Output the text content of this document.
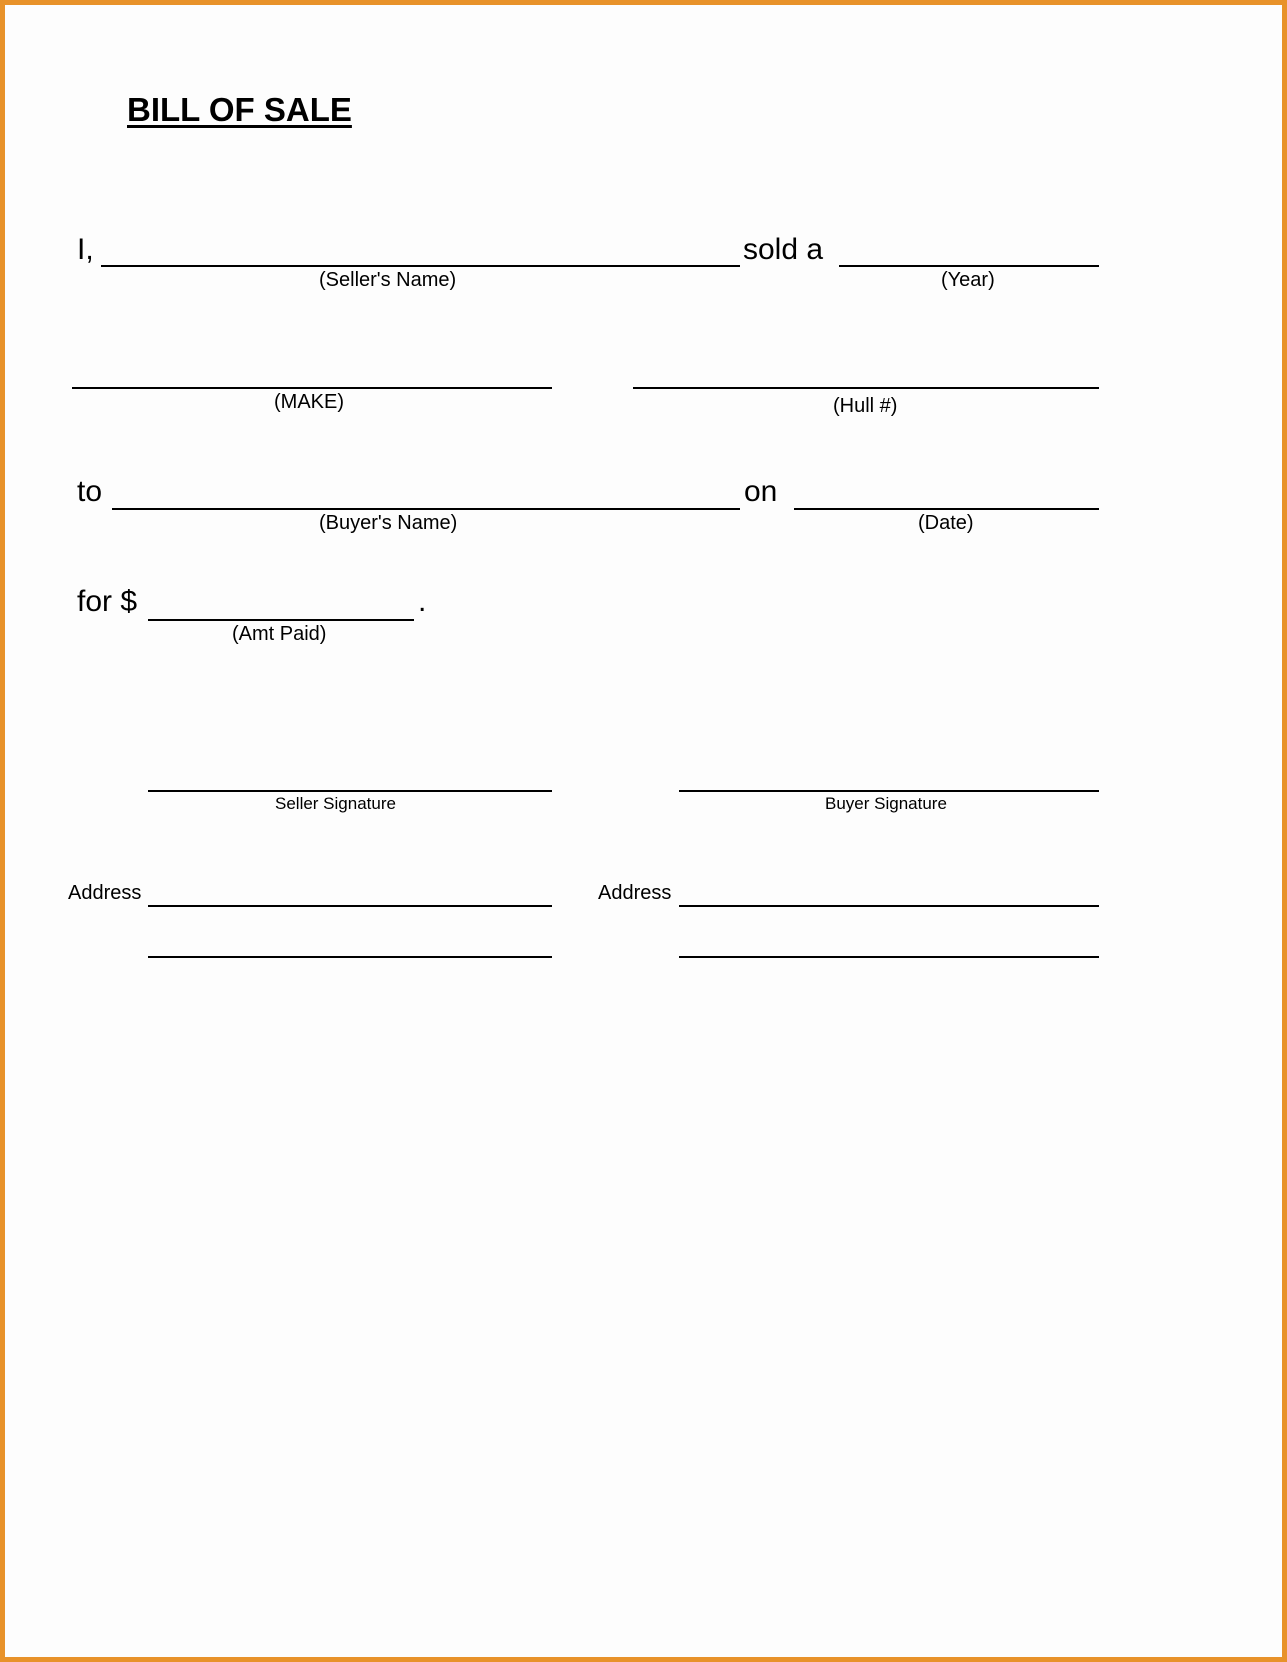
BILL OF SALE
I,	sold a
(Seller's Name)	(Year)
(MAKE)	(Hull #)
to	on
(Buyer's Name)	(Date)
for $	.
(Amt Paid)
Seller Signature	Buyer Signature
Address	Address
